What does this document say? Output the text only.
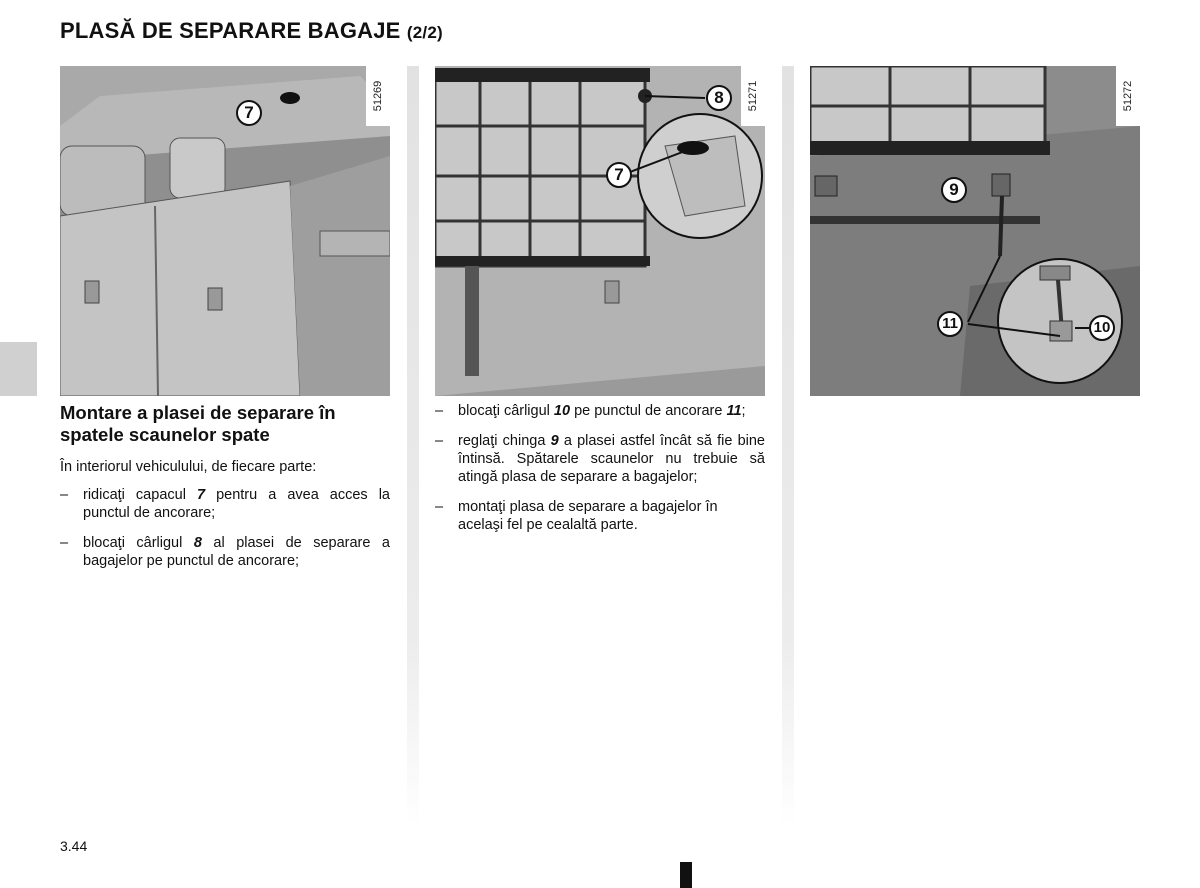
PLASĂ DE SEPARARE BAGAJE (2/2)
51269
7
51271
8
7
51272
9
11	10
Montare a plasei de separare în spatele scaunelor spate
În interiorul vehiculului, de fiecare parte:
– ridicaţi capacul 7 pentru a avea acces la punctul de ancorare;
– blocaţi cârligul 8 al plasei de separare a bagajelor pe punctul de ancorare;
– blocaţi cârligul 10 pe punctul de ancorare 11;
– reglaţi chinga 9 a plasei astfel încât să fie bine întinsă. Spătarele scaunelor nu trebuie să atingă plasa de separare a bagajelor;
– montaţi plasa de separare a bagajelor în acelaşi fel pe cealaltă parte.
3.44
